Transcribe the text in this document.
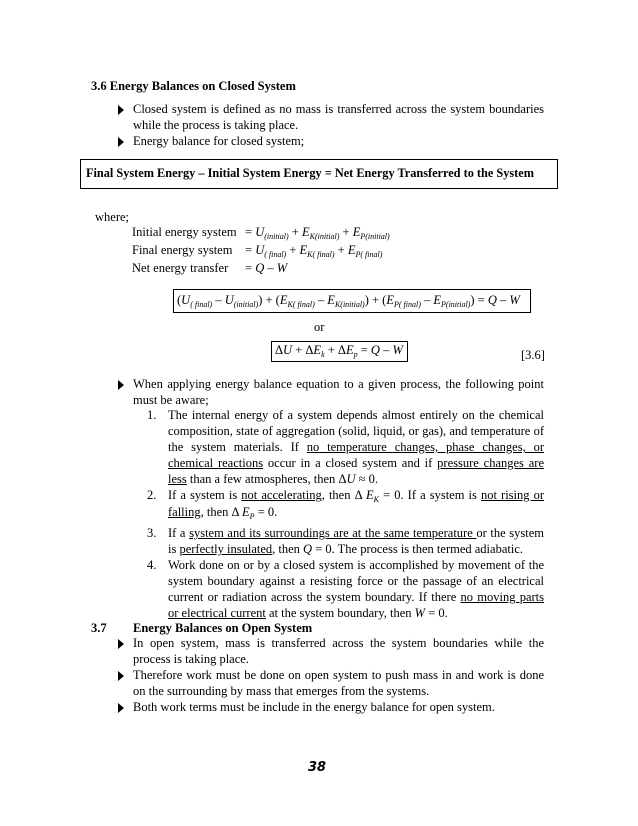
3.6 Energy Balances on Closed System
Closed system is defined as no mass is transferred across the system boundaries
while the process is taking place.
Energy balance for closed system;
Final System Energy – Initial System Energy = Net Energy Transferred to the System
where;
Initial energy system = $U_{(initial)} + E_{K(initial)} + E_{P(initial)}$
Final energy system = $U_{( final)} + E_{K( final)} + E_{P( final)}$
Net energy transfer = Q – W
$(U_{( final)} - U_{(initial)}) + (E_{K( final)} - E_{K(initial)}) + (E_{P( final)} - E_{P(initial)}) = Q - W$
or
$\Delta U + \Delta E_k + \Delta E_p = Q - W$	[3.6]
When applying energy balance equation to a given process, the following point
must be aware;
1. The internal energy of a system depends almost entirely on the chemical
composition, state of aggregation (solid, liquid, or gas), and temperature of
the system materials. If no temperature changes, phase changes, or
chemical reactions occur in a closed system and if pressure changes are
less than a few atmospheres, then ΔU ≈ 0.
2. If a system is not accelerating, then Δ $E_K = 0$. If a system is not rising or
falling, then Δ $E_P = 0$.
3. If a system and its surroundings are at the same temperature or the system
is perfectly insulated, then Q = 0. The process is then termed adiabatic.
4. Work done on or by a closed system is accomplished by movement of the
system boundary against a resisting force or the passage of an electrical
current or radiation across the system boundary. If there no moving parts
or electrical current at the system boundary, then W = 0.
3.7 Energy Balances on Open System
In open system, mass is transferred across the system boundaries while the
process is taking place.
Therefore work must be done on open system to push mass in and work is done
on the surrounding by mass that emerges from the systems.
Both work terms must be include in the energy balance for open system.
38
